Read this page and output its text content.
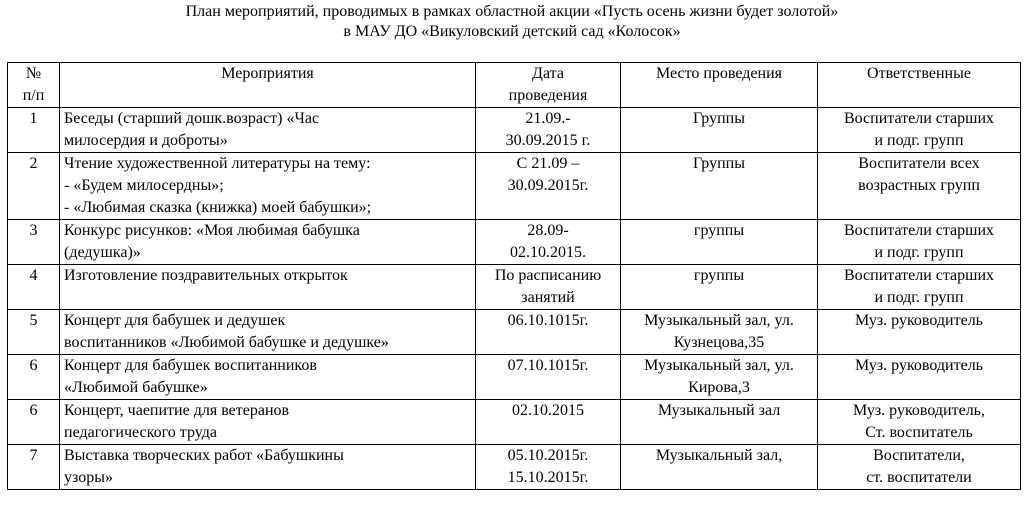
План мероприятий, проводимых в рамках областной акции «Пусть осень жизни будет золотой»
в МАУ ДО «Викуловский детский сад «Колосок»
№
п/п	Мероприятия	Дата
проведения	Место проведения	Ответственные

1	Беседы (старший дошк.возраст) «Час
милосердия и доброты»	21.09.-
30.09.2015 г.	Группы	Воспитатели старших
и подг. групп

2	Чтение художественной литературы на тему:
- «Будем милосердны»;
- «Любимая сказка (книжка) моей бабушки»;	С 21.09 –
30.09.2015г.	Группы	Воспитатели всех
возрастных групп

3	Конкурс рисунков: «Моя любимая бабушка
(дедушка)»	28.09-
02.10.2015.	группы	Воспитатели старших
и подг. групп

4	Изготовление поздравительных открыток	По расписанию
занятий	группы	Воспитатели старших
и подг. групп

5	Концерт для бабушек и дедушек
воспитанников «Любимой бабушке и дедушке»	06.10.1015г.	Музыкальный зал, ул.
Кузнецова,35	Муз. руководитель

6	Концерт для бабушек воспитанников
«Любимой бабушке»	07.10.1015г.	Музыкальный зал, ул.
Кирова,3	Муз. руководитель

6	Концерт, чаепитие для ветеранов
педагогического труда	02.10.2015	Музыкальный зал	Муз. руководитель,
Ст. воспитатель

7	Выставка творческих работ «Бабушкины
узоры»	05.10.2015г.
15.10.2015г.	Музыкальный зал,	Воспитатели,
ст. воспитатели
